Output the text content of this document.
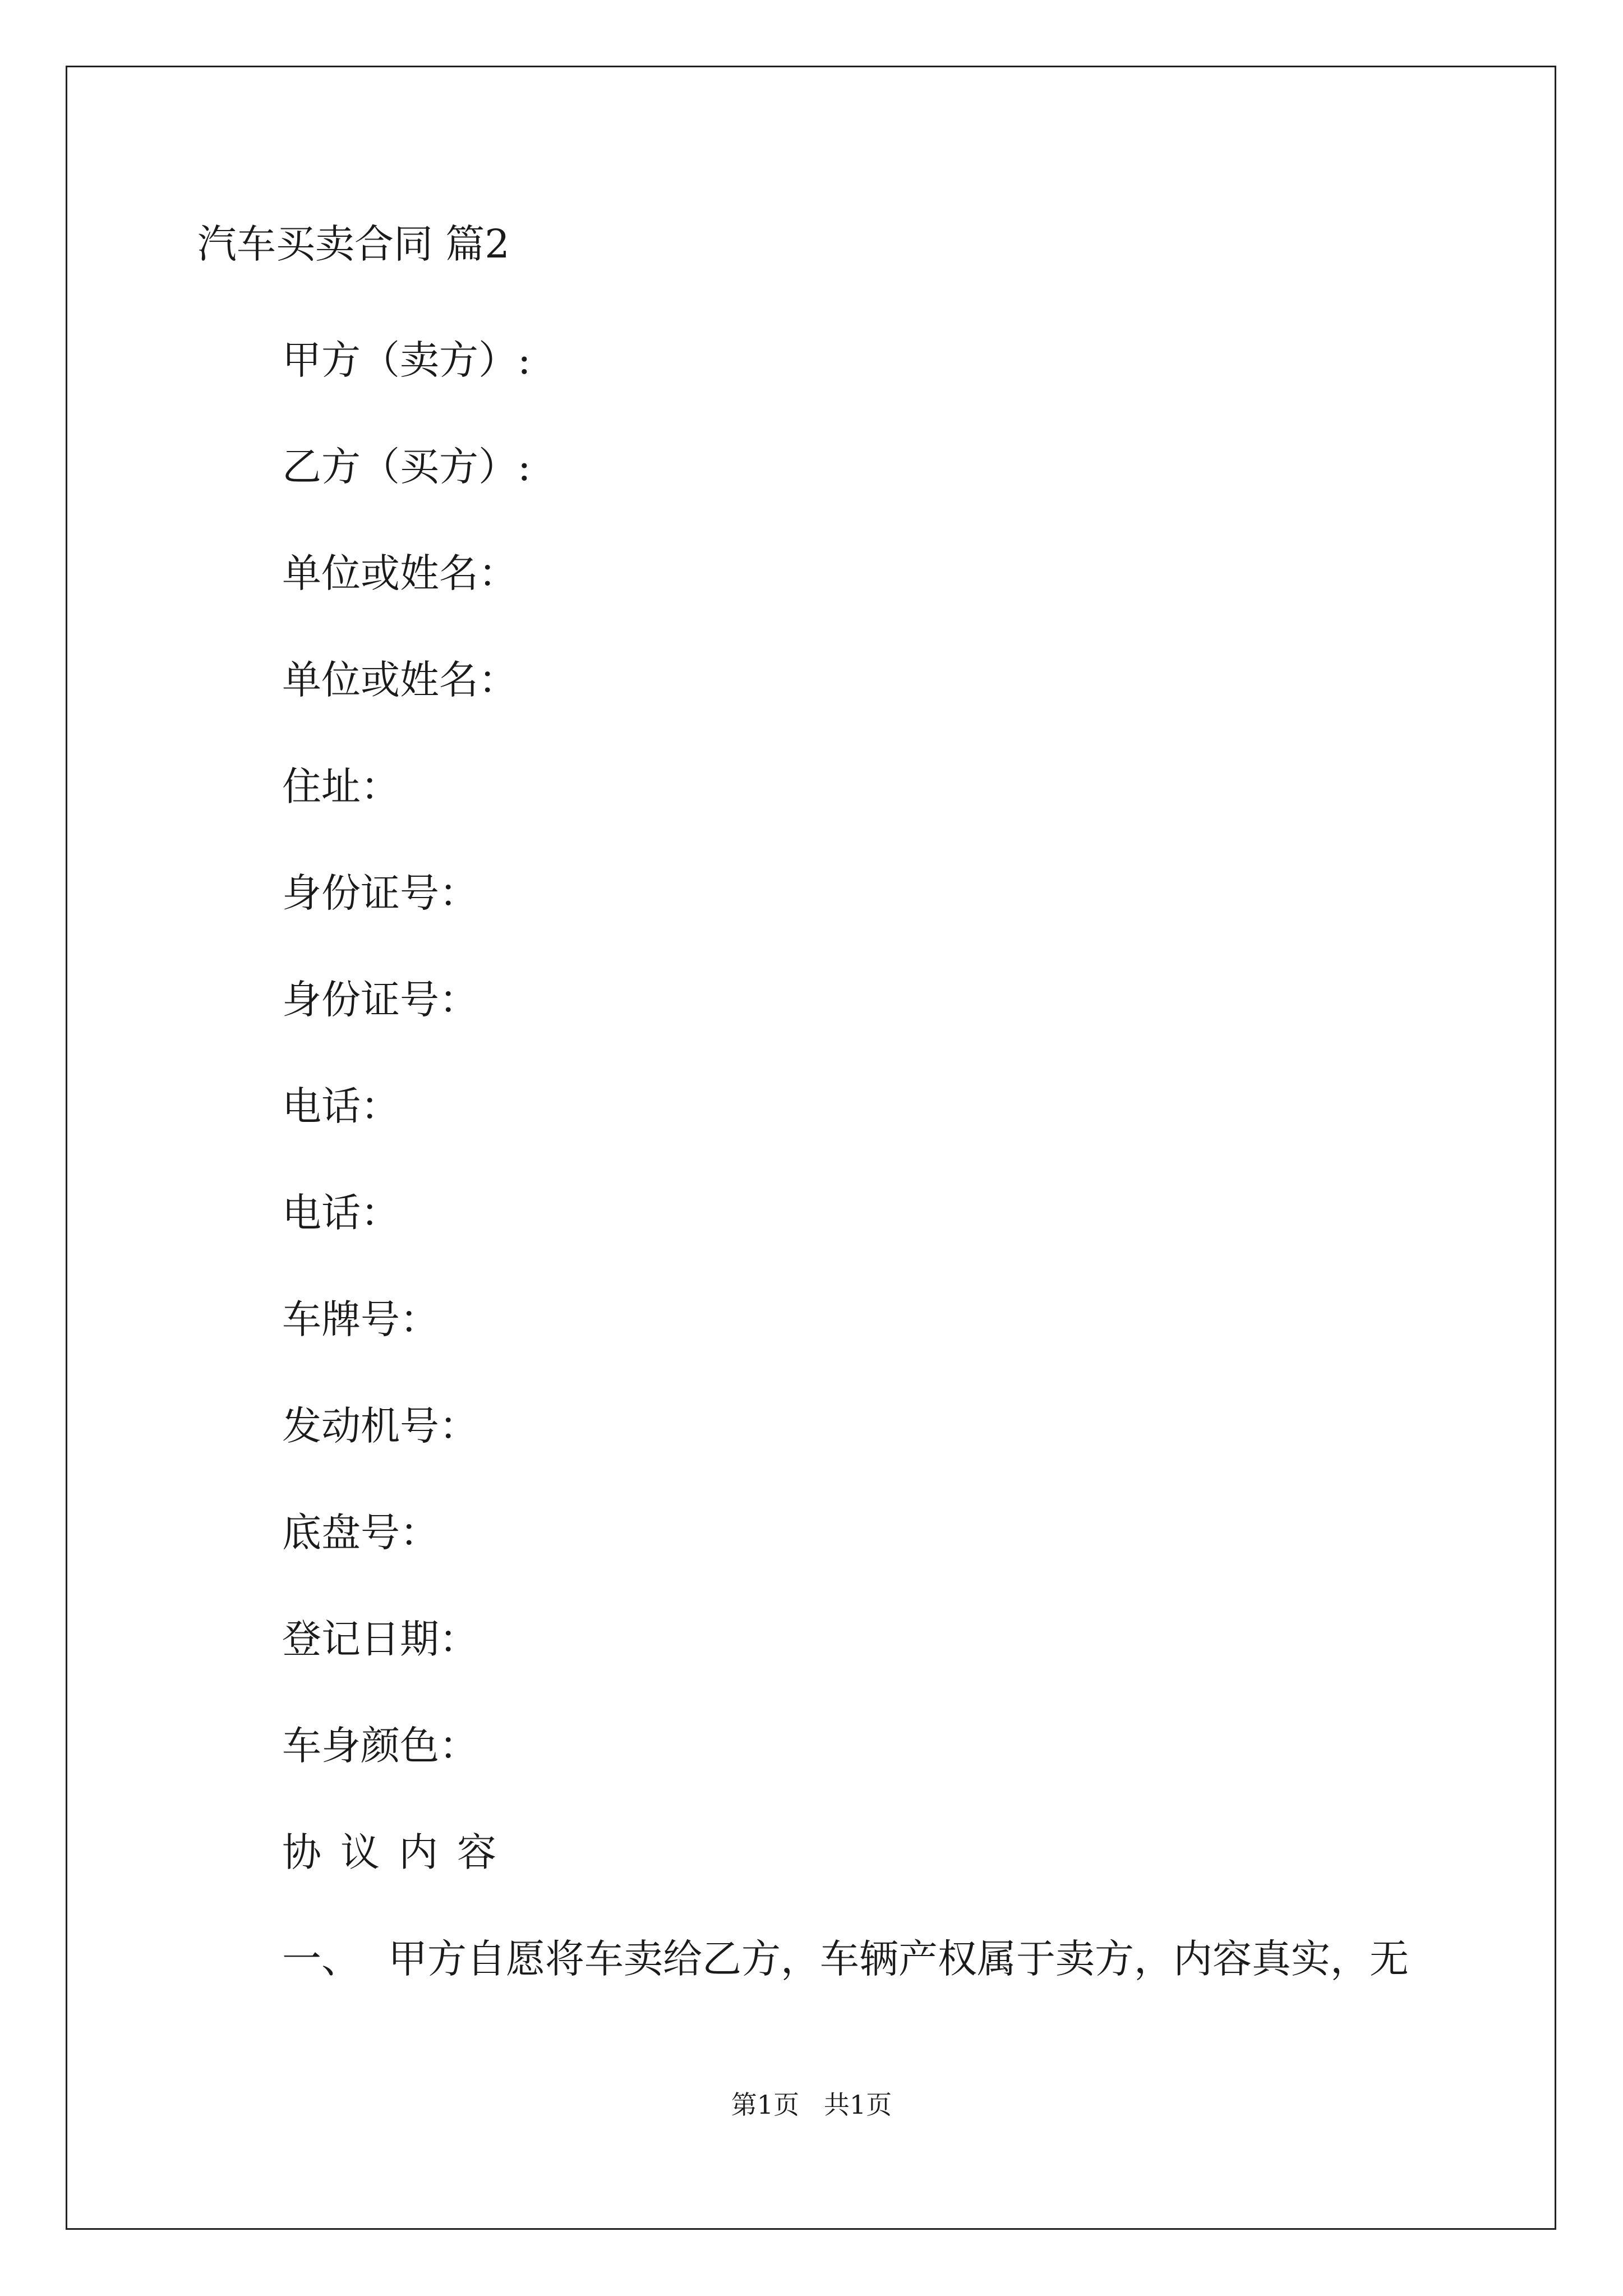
汽车买卖合同 篇2
甲方（卖方）:
乙方（买方）:
单位或姓名：
单位或姓名：
住址：
身份证号：
身份证号：
电话：
电话：
车牌号：
发动机号：
底盘号：
登记日期：
车身颜色：
协议内容
一、 甲方自愿将车卖给乙方，车辆产权属于卖方，内容真实，无
第1页   共1页
